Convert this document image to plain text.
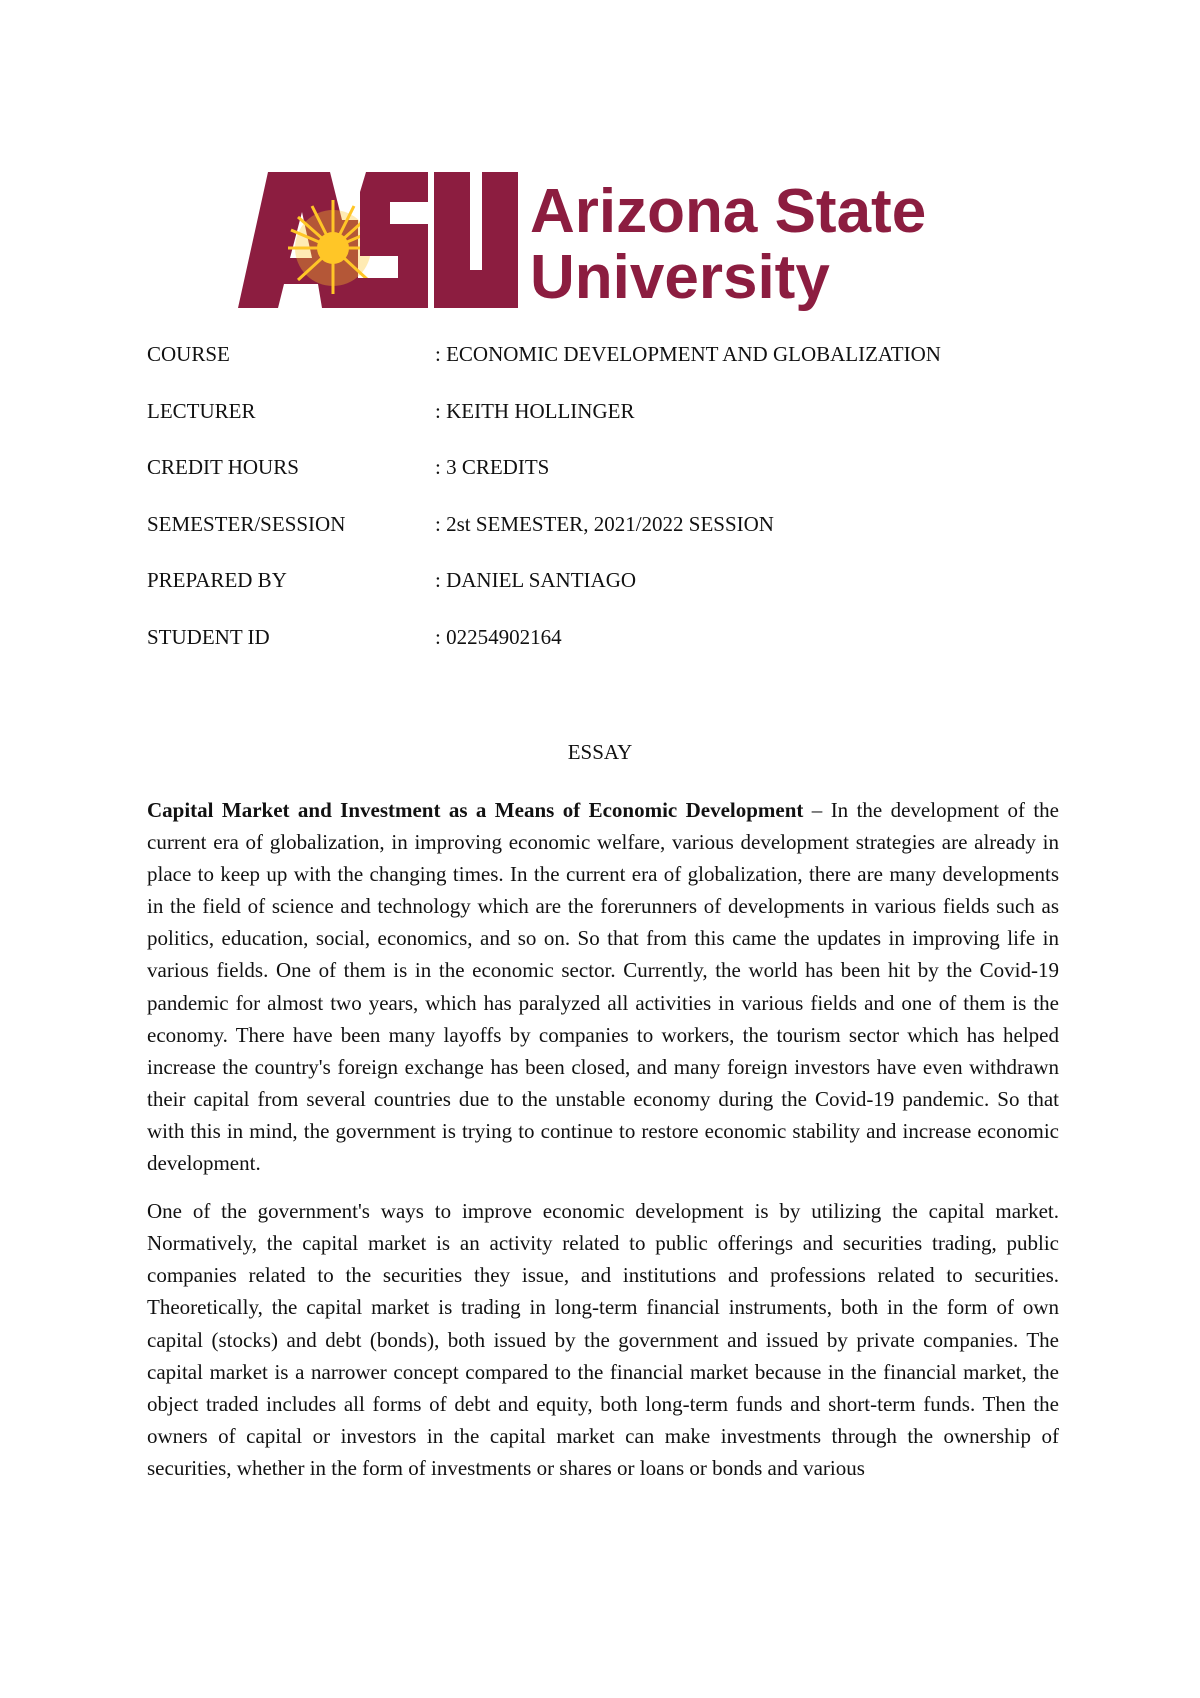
Arizona State
University
COURSE	: ECONOMIC DEVELOPMENT AND GLOBALIZATION
LECTURER	: KEITH HOLLINGER
CREDIT HOURS	: 3 CREDITS
SEMESTER/SESSION	: 2st SEMESTER, 2021/2022 SESSION
PREPARED BY	: DANIEL SANTIAGO
STUDENT ID	: 02254902164
ESSAY

Capital Market and Investment as a Means of Economic Development – In the development of the current era of globalization, in improving economic welfare, various development strategies are already in place to keep up with the changing times. In the current era of globalization, there are many developments in the field of science and technology which are the forerunners of developments in various fields such as politics, education, social, economics, and so on. So that from this came the updates in improving life in various fields. One of them is in the economic sector. Currently, the world has been hit by the Covid-19 pandemic for almost two years, which has paralyzed all activities in various fields and one of them is the economy. There have been many layoffs by companies to workers, the tourism sector which has helped increase the country's foreign exchange has been closed, and many foreign investors have even withdrawn their capital from several countries due to the unstable economy during the Covid-19 pandemic. So that with this in mind, the government is trying to continue to restore economic stability and increase economic development.

One of the government's ways to improve economic development is by utilizing the capital market. Normatively, the capital market is an activity related to public offerings and securities trading, public companies related to the securities they issue, and institutions and professions related to securities. Theoretically, the capital market is trading in long-term financial instruments, both in the form of own capital (stocks) and debt (bonds), both issued by the government and issued by private companies. The capital market is a narrower concept compared to the financial market because in the financial market, the object traded includes all forms of debt and equity, both long-term funds and short-term funds. Then the owners of capital or investors in the capital market can make investments through the ownership of securities, whether in the form of investments or shares or loans or bonds and various
